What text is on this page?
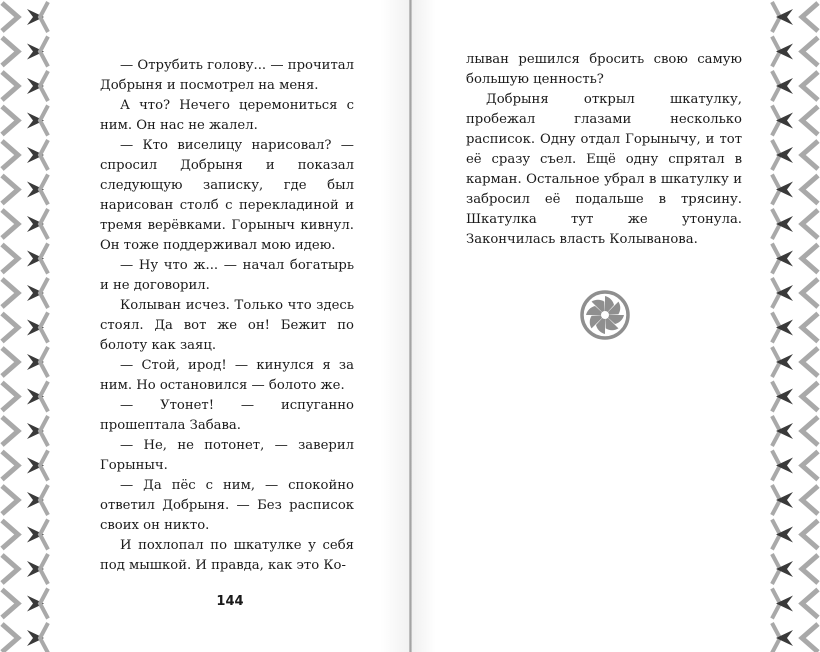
— Отрубить голову... — прочитал Добрыня и посмотрел на меня.

А что? Нечего церемониться с ним. Он нас не жалел.

— Кто виселицу нарисовал? — спросил Добрыня и показал следующую записку, где был нарисован столб с перекладиной и тремя верёвками. Горыныч кивнул. Он тоже поддерживал мою идею.

— Ну что ж... — начал богатырь и не договорил.

Колыван исчез. Только что здесь стоял. Да вот же он! Бежит по болоту как заяц.

— Стой, ирод! — кинулся я за ним. Но остановился — болото же.

— Утонет! — испуганно прошептала Забава.

— Не, не потонет, — заверил Горыныч.

— Да пёс с ним, — спокойно ответил Добрыня. — Без расписок своих он никто.

И похлопал по шкатулке у себя под мышкой. И правда, как это Ко-

144

лыван решился бросить свою самую большую ценность?

Добрыня открыл шкатулку, пробежал глазами несколько расписок. Одну отдал Горынычу, и тот её сразу съел. Ещё одну спрятал в карман. Остальное убрал в шкатулку и забросил её подальше в трясину. Шкатулка тут же утонула. Закончилась власть Колыванова.
